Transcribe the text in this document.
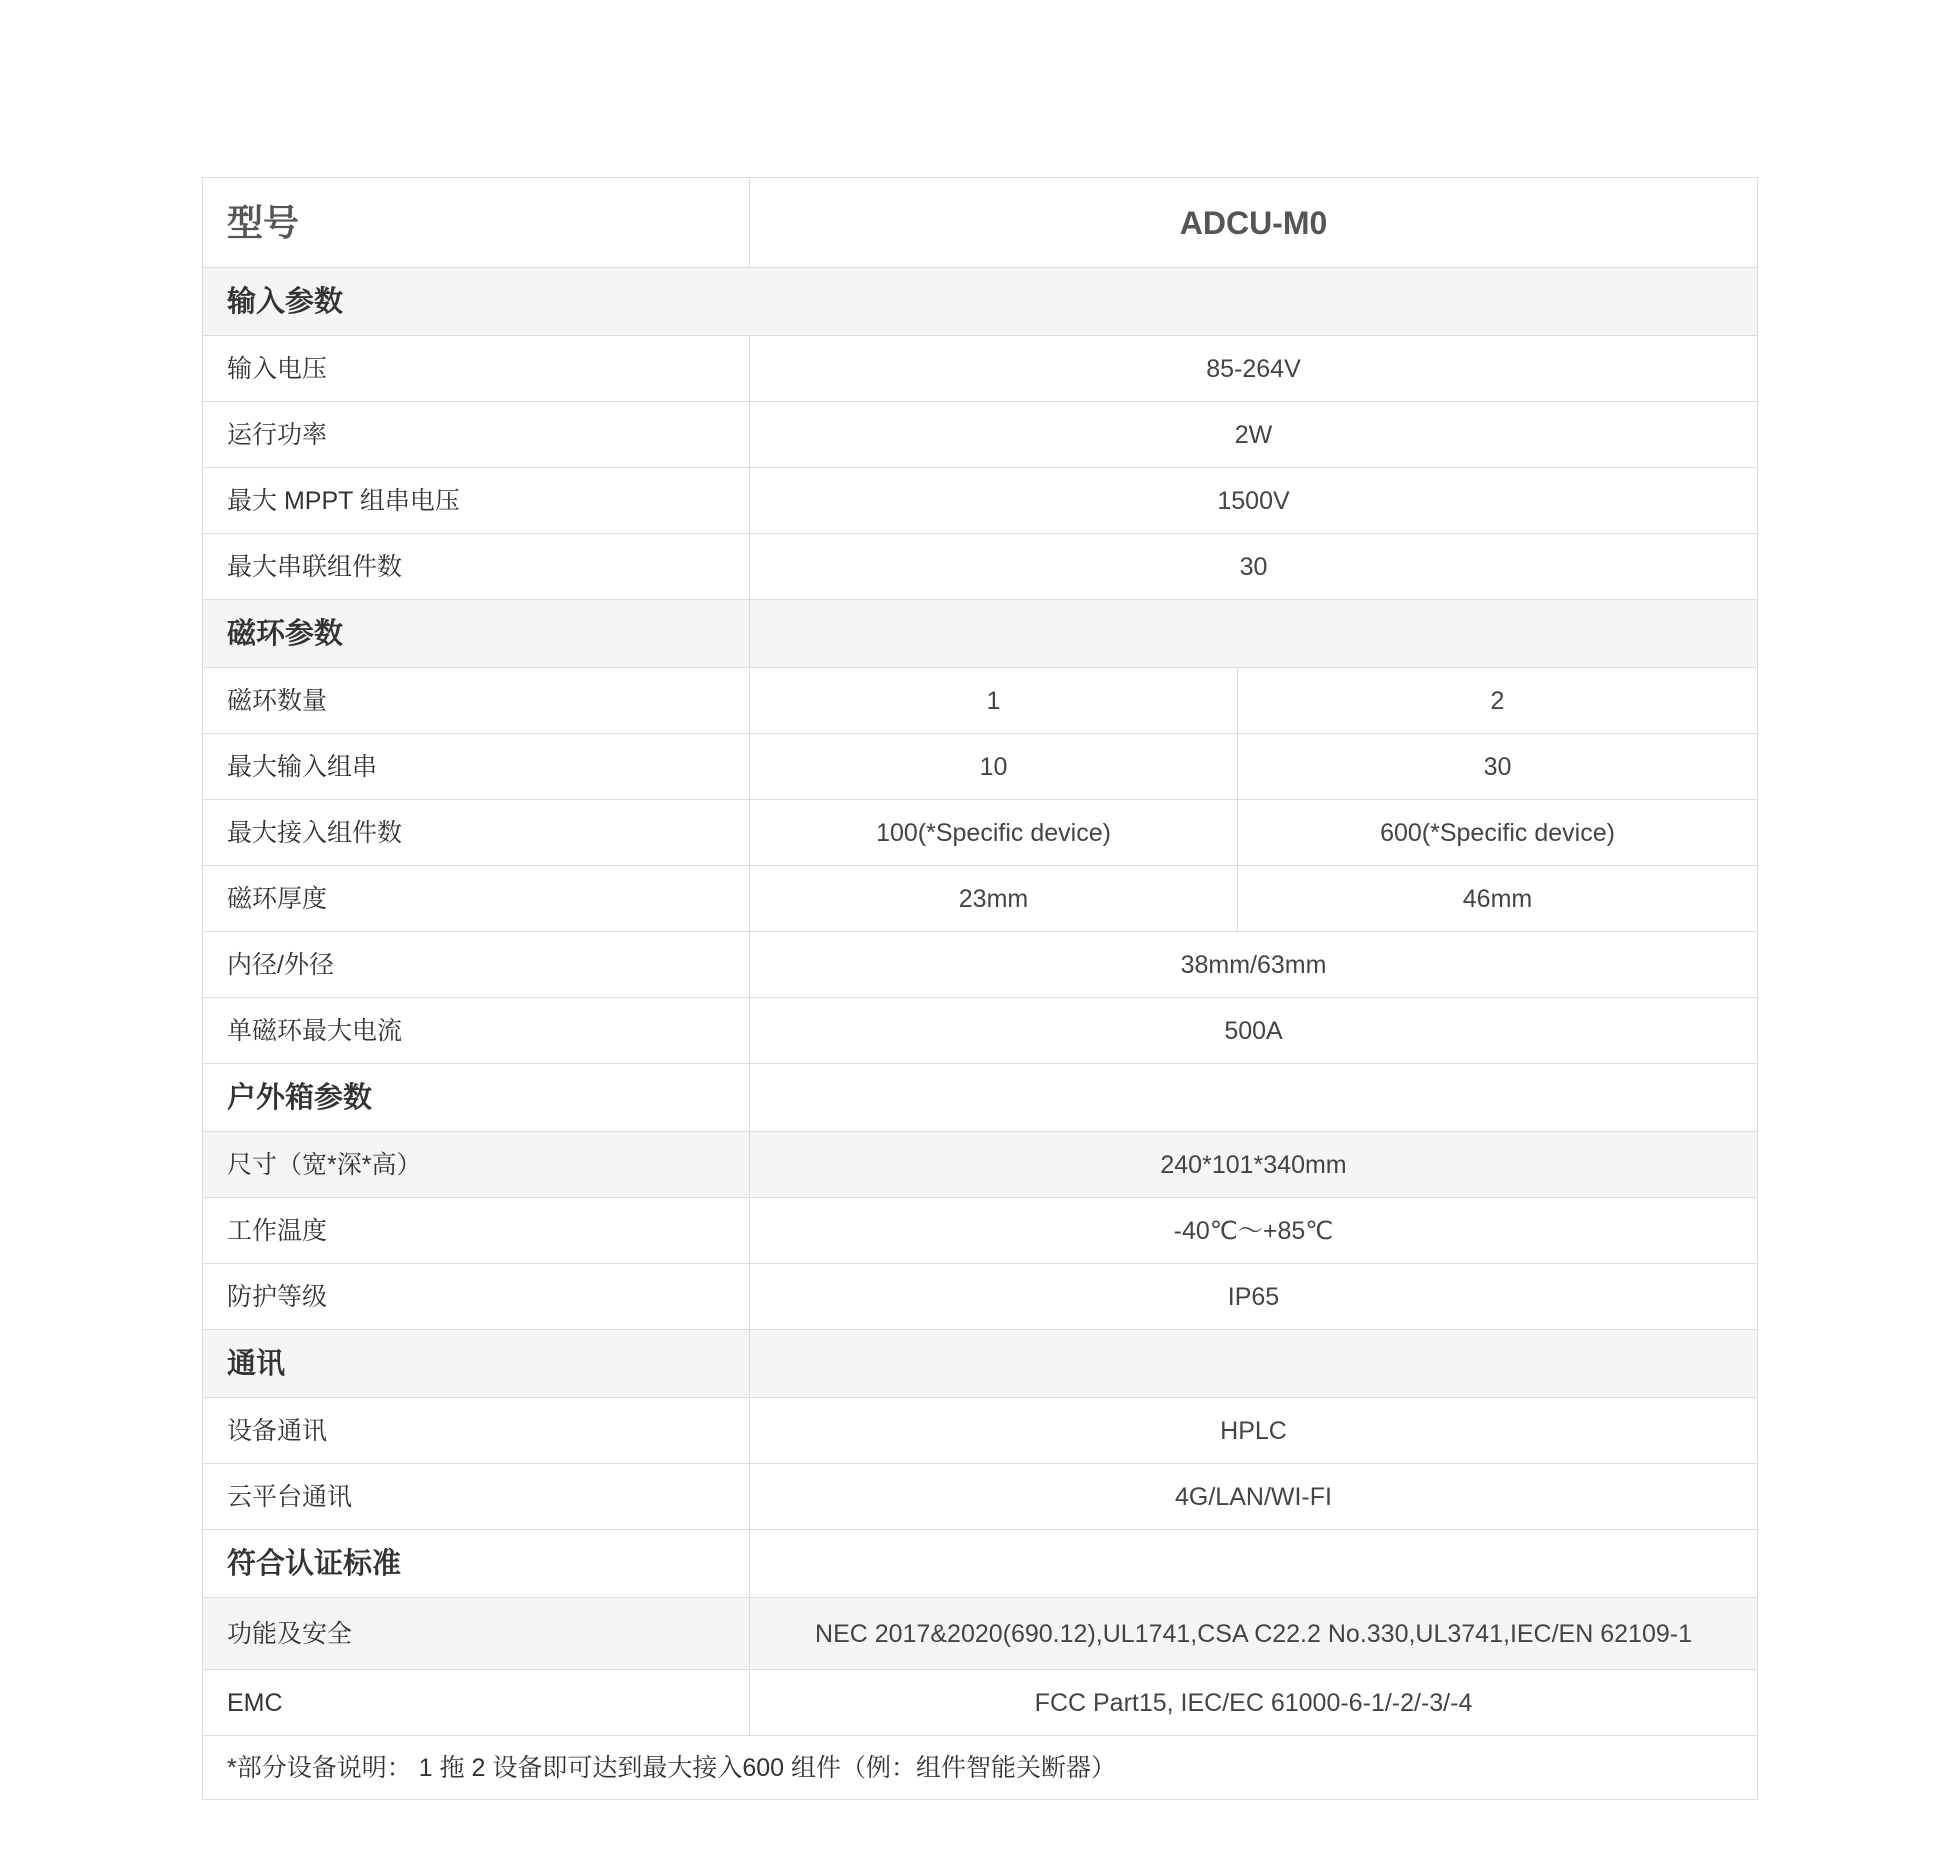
型号	ADCU-M0	
输入参数		
输入电压	85-264V	
运行功率	2W	
最大 MPPT 组串电压	1500V	
最大串联组件数	30	
磁环参数		
磁环数量	1	2
最大输入组串	10	30
最大接入组件数	100(*Specific device)	600(*Specific device)
磁环厚度	23mm	46mm
内径/外径	38mm/63mm	
单磁环最大电流	500A	
户外箱参数		
尺寸（宽*深*高）	240*101*340mm	
工作温度	-40℃～+85℃	
防护等级	IP65	
通讯		
设备通讯	HPLC	
云平台通讯	4G/LAN/WI-FI	
符合认证标准		
功能及安全	NEC 2017&2020(690.12),UL1741,CSA C22.2 No.330,UL3741,IEC/EN 62109-1	
EMC	FCC Part15, IEC/EC 61000-6-1/-2/-3/-4	
*部分设备说明： 1 拖 2 设备即可达到最大接入600 组件（例：组件智能关断器）		
